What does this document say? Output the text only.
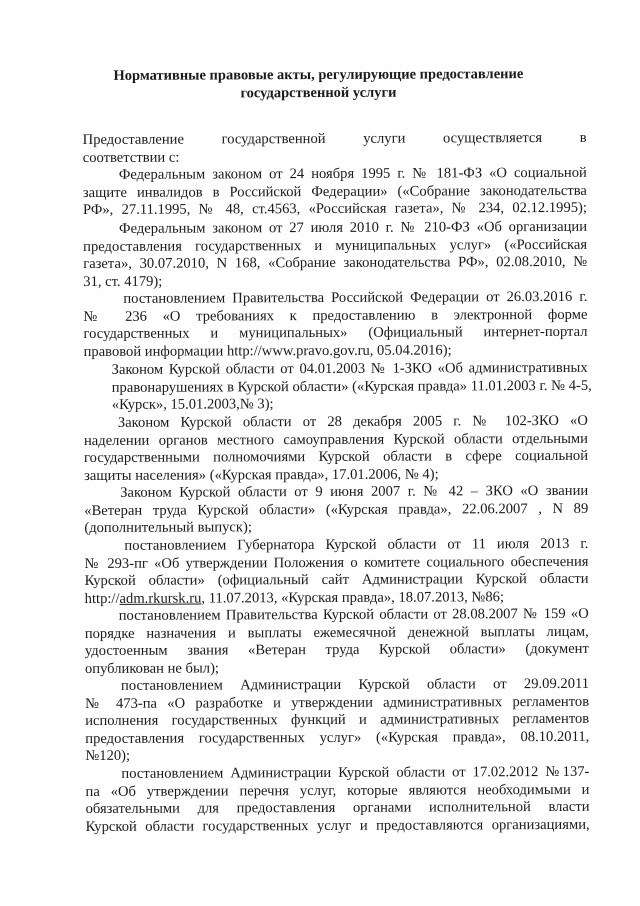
Нормативные правовые акты, регулирующие предоставление
государственной услуги
Предоставление государственной услуги осуществляется в
соответствии с:
Федеральным законом от 24 ноября 1995 г. № 181-ФЗ «О социальной
защите инвалидов в Российской Федерации» («Собрание законодательства
РФ», 27.11.1995, № 48, ст.4563, «Российская газета», № 234, 02.12.1995);
Федеральным законом от 27 июля 2010 г. № 210-ФЗ «Об организации
предоставления государственных и муниципальных услуг» («Российская
газета», 30.07.2010, N 168, «Собрание законодательства РФ», 02.08.2010, №
31, ст. 4179);
постановлением Правительства Российской Федерации от 26.03.2016 г.
№ 236 «О требованиях к предоставлению в электронной форме
государственных и муниципальных» (Официальный интернет-портал
правовой информации http://www.pravo.gov.ru, 05.04.2016);
Законом Курской области от 04.01.2003 № 1-ЗКО «Об административных
правонарушениях в Курской области» («Курская правда» 11.01.2003 г. № 4-5,
«Курск», 15.01.2003,№ 3);
Законом Курской области от 28 декабря 2005 г. № 102-ЗКО «О
наделении органов местного самоуправления Курской области отдельными
государственными полномочиями Курской области в сфере социальной
защиты населения» («Курская правда», 17.01.2006, № 4);
Законом Курской области от 9 июня 2007 г. № 42 – ЗКО «О звании
«Ветеран труда Курской области» («Курская правда», 22.06.2007 , N 89
(дополнительный выпуск);
постановлением Губернатора Курской области от 11 июля 2013 г.
№ 293-пг «Об утверждении Положения о комитете социального обеспечения
Курской области» (официальный сайт Администрации Курской области
http://adm.rkursk.ru, 11.07.2013, «Курская правда», 18.07.2013, №86;
постановлением Правительства Курской области от 28.08.2007 № 159 «О
порядке назначения и выплаты ежемесячной денежной выплаты лицам,
удостоенным звания «Ветеран труда Курской области» (документ
опубликован не был);
постановлением Администрации Курской области от 29.09.2011
№ 473-па «О разработке и утверждении административных регламентов
исполнения государственных функций и административных регламентов
предоставления государственных услуг» («Курская правда», 08.10.2011,
№120);
постановлением Администрации Курской области от 17.02.2012 №137-
па «Об утверждении перечня услуг, которые являются необходимыми и
обязательными для предоставления органами исполнительной власти
Курской области государственных услуг и предоставляются организациями,
